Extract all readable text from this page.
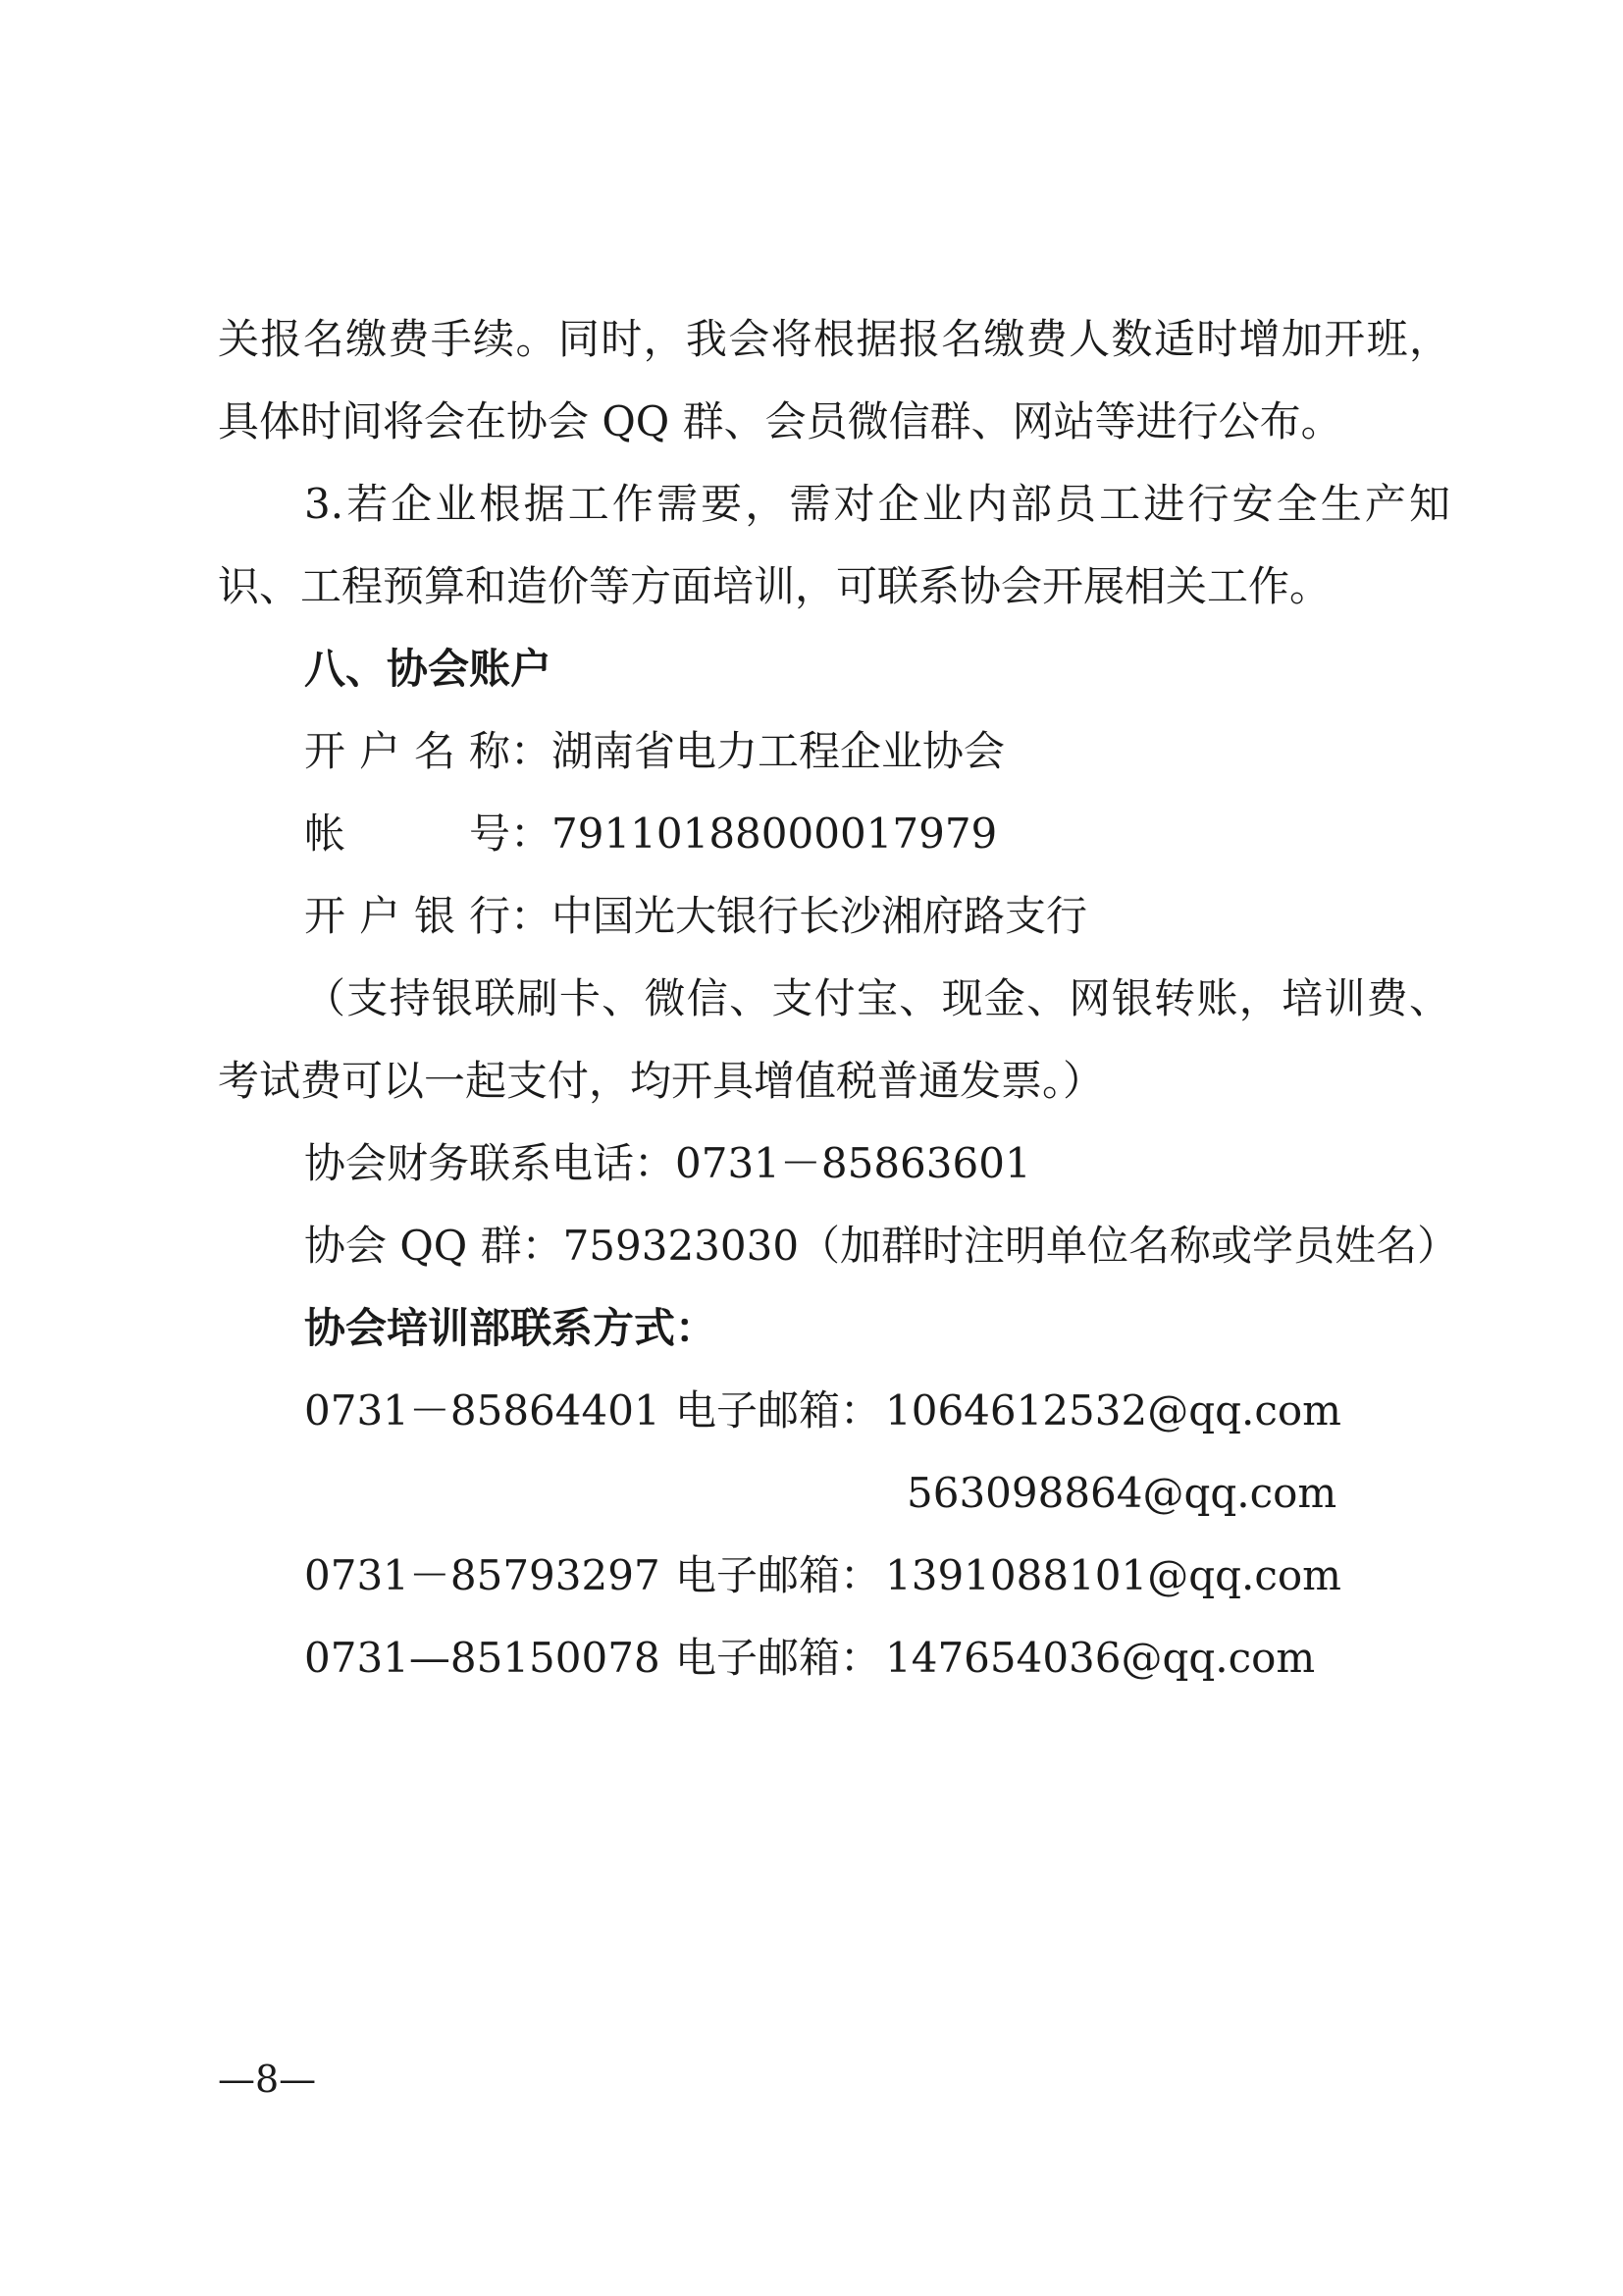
关报名缴费手续。同时，我会将根据报名缴费人数适时增加开班，
具体时间将会在协会 QQ 群、会员微信群、网站等进行公布。
3.若企业根据工作需要，需对企业内部员工进行安全生产知
识、工程预算和造价等方面培训，可联系协会开展相关工作。
八、协会账户
开户名称：湖南省电力工程企业协会
帐号：79110188000017979
开户银行：中国光大银行长沙湘府路支行
（支持银联刷卡、微信、支付宝、现金、网银转账，培训费、
考试费可以一起支付，均开具增值税普通发票。）
协会财务联系电话：0731－85863601
协会 QQ 群：759323030（加群时注明单位名称或学员姓名）
协会培训部联系方式：
0731－85864401 电子邮箱： 1064612532@qq.com
563098864@qq.com
0731－85793297 电子邮箱： 1391088101@qq.com
0731—85150078 电子邮箱： 147654036@qq.com
—8—
